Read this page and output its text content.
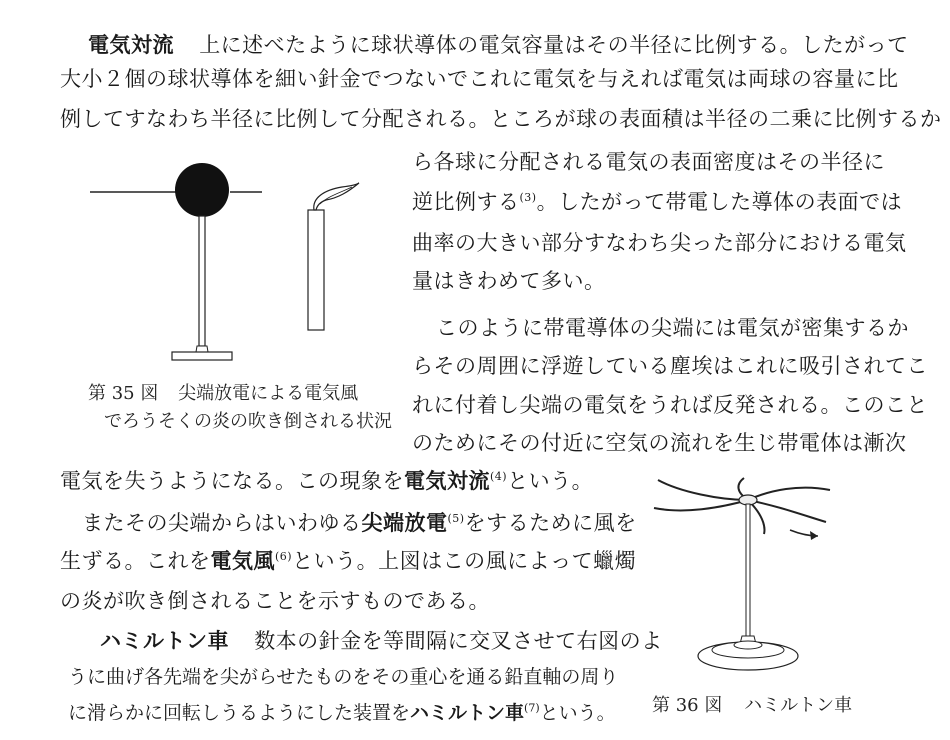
電気対流 上に述べたように球状導体の電気容量はその半径に比例する。したがって
大小２個の球状導体を細い針金でつないでこれに電気を与えれば電気は両球の容量に比
例してすなわち半径に比例して分配される。ところが球の表面積は半径の二乗に比例するか
ら各球に分配される電気の表面密度はその半径に
逆比例する$^{(3)}$。したがって帯電した導体の表面では
曲率の大きい部分すなわち尖った部分における電気
量はきわめて多い。
このように帯電導体の尖端には電気が密集するか
らその周囲に浮遊している塵埃はこれに吸引されてこ
れに付着し尖端の電気をうれば反発される。このこと
のためにその付近に空気の流れを生じ帯電体は漸次
電気を失うようになる。この現象を電気対流$^{(4)}$という。
またその尖端からはいわゆる尖端放電$^{(5)}$をするために風を
生ずる。これを電気風$^{(6)}$という。上図はこの風によって蠟燭
の炎が吹き倒されることを示すものである。
ハミルトン車 数本の針金を等間隔に交叉させて右図のよ
うに曲げ各先端を尖がらせたものをその重心を通る鉛直軸の周り
に滑らかに回転しうるようにした装置をハミルトン車$^{(7)}$という。
第 35 図 尖端放電による電気風
でろうそくの炎の吹き倒される状況
第 36 図 ハミルトン車
